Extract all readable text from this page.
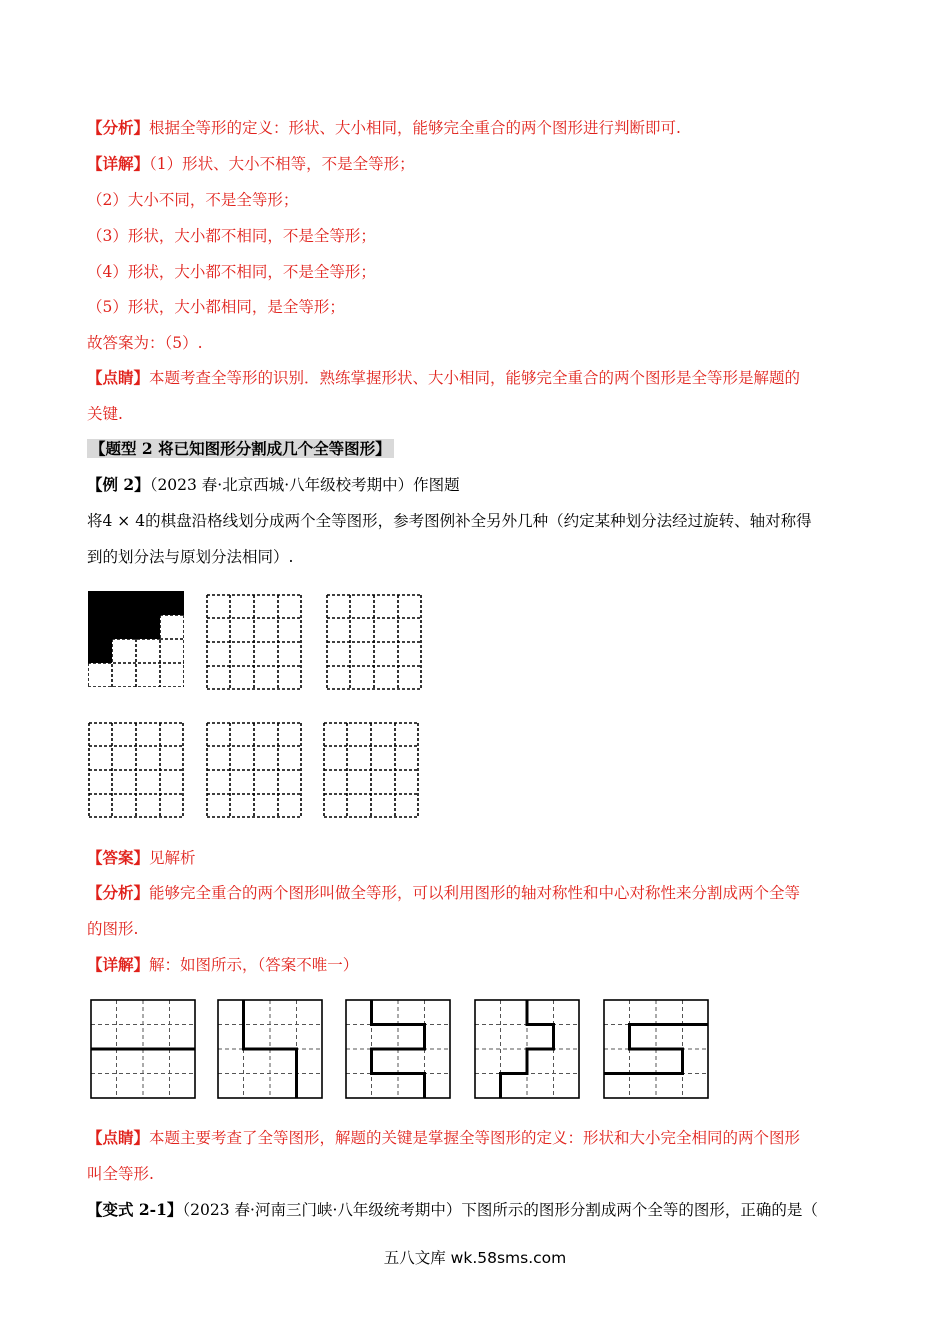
【分析】根据全等形的定义：形状、大小相同，能够完全重合的两个图形进行判断即可.
【详解】（1）形状、大小不相等，不是全等形；
（2）大小不同，不是全等形；
（3）形状，大小都不相同，不是全等形；
（4）形状，大小都不相同，不是全等形；
（5）形状，大小都相同，是全等形；
故答案为：（5）.
【点睛】本题考查全等形的识别．熟练掌握形状、大小相同，能够完全重合的两个图形是全等形是解题的
关键.
【题型 2 将已知图形分割成几个全等图形】
【例 2】（2023 春·北京西城·八年级校考期中）作图题
将4 × 4的棋盘沿格线划分成两个全等图形，参考图例补全另外几种（约定某种划分法经过旋转、轴对称得
到的划分法与原划分法相同）.
【答案】见解析
【分析】能够完全重合的两个图形叫做全等形，可以利用图形的轴对称性和中心对称性来分割成两个全等
的图形.
【详解】解：如图所示，（答案不唯一）
【点睛】本题主要考查了全等图形，解题的关键是掌握全等图形的定义：形状和大小完全相同的两个图形
叫全等形.
【变式 2-1】（2023 春·河南三门峡·八年级统考期中）下图所示的图形分割成两个全等的图形，正确的是（
五八文库 wk.58sms.com
